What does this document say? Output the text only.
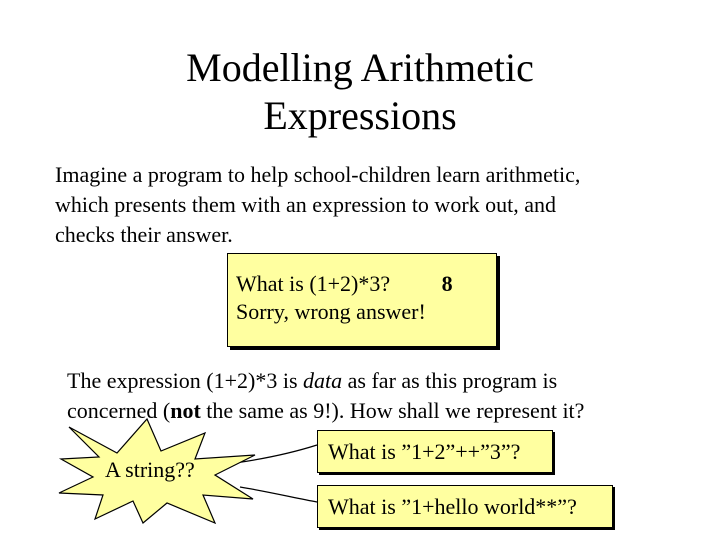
Modelling Arithmetic
Expressions
Imagine a program to help school-children learn arithmetic,
which presents them with an expression to work out, and
checks their answer.
What is (1+2)*3? 8
Sorry, wrong answer!
The expression (1+2)*3 is data as far as this program is
concerned (not the same as 9!). How shall we represent it?
A string??
What is ”1+2”++”3”?
What is ”1+hello world**”?
